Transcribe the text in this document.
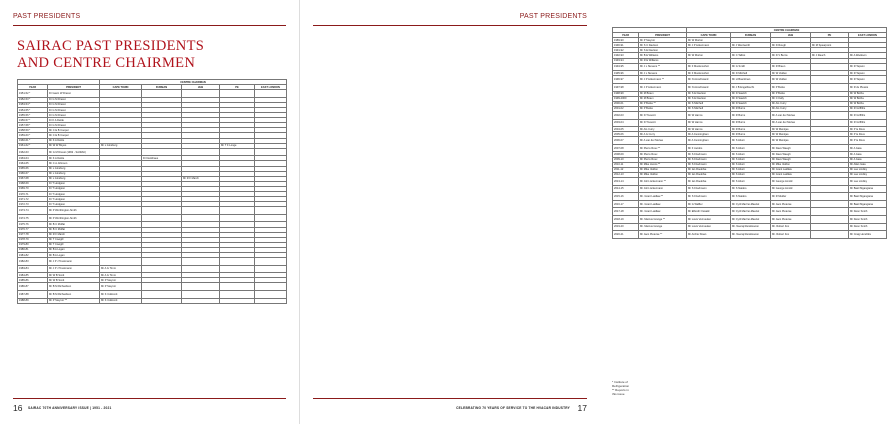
PAST PRESIDENTS
SAIRAC PAST PRESIDENTS
AND CENTRE CHAIRMEN
		CENTRE CHAIRMAN				
YEAR	PRESIDENT	CAPE TOWN	DURBAN	JHB	PE	EAST LONDON
1951-52 *	Dr Gavin W Dresst					
1952-53 *	Dr G M Dresst					
1953-54 *	Dr G M Dresst					
1954-55 *	Dr G M Dresst					
1955-56 *	Dr G M Dresst					
1956-57 *	Dr K A Dettle					
1957-58 *	Dr G M Dresst					
1958-59 *	Mr C E B Cooper					
1959-60 *	Mr C E B Cooper					
1960-61 *	Mr K A Dettle					
1961-62 *	Mr W W Boyes	Mr L Ginsburg			Mr T F Longe	
1962-63	Mr G M Dresst (1962 - SAIRAC)					
1963-64	Mr K A Dettle		Dr Denkhaus			
1964-65	Mr C A Johnson					
1965-66	Mr L Ginsburg					
1966-67	Mr L Ginsburg					
1967-68	Mr L Ginsburg			Mr R F March		
1968-69	Dr T Hodgson					
1969-70	Dr T Hodgson					
1970-71	Dr T Hodgson					
1971-72	Dr T Hodgson					
1972-73	Dr T Hodgson					
1973-74	Mr P Worthington-Smith					
1974-75	Mr P Worthington-Smith					
1975-76	Mr B C Moffat					
1976-77	Mr B C Moffat					
1977-78	Mr R F Marsh					
1978-79	Mr T Cowgill					
1979-80	Mr T Cowgill					
1980-81	Mr B A Logan					
1981-82	Mr B A Logan					
1982-83	Mr J P J Toustmann					
1983-84	Mr J P J Toustmann	Mr A G Timm				
1984-85	Mr W B Scott	Mr A G Timm				
1985-86	Mr W B Scott	Mr P Steynor				
1986-87	Mr B M Richardson	Mr P Steynor				
1987-88	Mr B M Richardson	Mr K Collocott				
1988-89	Mr P Steynor **	Mr K Collocott				
16 SAIRAC 70TH ANNIVERSARY ISSUE | 1951 - 2021
PAST PRESIDENTS
		CENTRE CHAIRMAN				
YEAR	PRESIDENT	CAPE TOWN	DURBAN	JHB	PE	EAST LONDON
1989-90	Mr P Steynor	Mr W Morton				
1990-91	Mr S C Davison	Mr J P Ackermann	Mr J Wentworth	Mr D Rough	Mr M Spearpoint	
1991-92	Mr S E Davison					
1992-93	Mr B E Williams	Mr W Morton	Mr C Talbot	Mr D V Burns	Mr J Rauch	Mr A Wackson
1993-94	Mr R E Williams					
1994-95	Mr J L Stevens **	Mr F Moolenschot	Mr G Smith	Mr R Braun		Mr R Tapson
1995-96	Mr J L Stevens	Mr F Moolenschot	Mr D Mitchell	Mr W Velden		Mr R Tapson
1996-97	Mr J P Ackermann **	Mr N Amschwand	Mr H Boardman	Mr W Velden		Mr R Tapson
1997-98	Mr J P Ackermann	Mr N Amschwand	Mr J B Engelbrecht	Mr P Burke		Mr R du Plessis
1998-99	Mr M Braun	Mr S E Davison	Mr D Sawich	Mr P Burke		Mr W Botha
1999-2000	Mr M Braun	Mr S E Davison	Mr D Sawich	Mr C Kelly		Mr W Botha
2000-01	Mr P Burke **	Mr S Mitchell	Mr D Sawich	Mr AG Curry		Mr W Botha
2001-02	Mr P Burke	Mr S Mitchell	Mr R Burns	Mr AG Curry		Mr R Griffiths
2002-03	Mr D Truscott	Mr W Harms	Mr R Burns	Mr A van der Merwe		Mr R Griffiths
2003-04	Mr D Truscott	Mr W Harms	Mr R Burns	Mr A van der Merwe		Mr R Griffiths
2004-05	Mr AG Curry	Mr W Harms	Mr R Burns	Mr W Meintjes		Mr P le Roux
2005-06	Mr A G Curry	Mr A Cunningham	Mr R Burns	Mr W Meintjes		Mr P le Roux
2006-07	Mr A van der Merwe	Mr A Cunningham	Mr S Aburn	Mr W Meintjes		Mr P le Roux
2007-08	Mr Pierre Roux **	Mr F Jacobs	Mr S Aburn	Mr Dave Waugh		Mr A Gaia
2008-09	Mr Pierre Roux	Mr S Friedmann	Mr S Aburn	Mr Dave Waugh		Mr A Gaia
2009-10	Mr Pierre Roux	Mr S Friedmann	Mr S Aburn	Mr Dave Waugh		Mr A Gaia
2010-11	Mr Mike Hunns **	Mr S Friedmann	Mr S Aburn	Mr Mike Veldon		Mr Allan Gaia
2011-12	Mr Mike Veldon	Mr Ian Roelofse	Mr S Aburn	Mr Grant Laidlaw		Mr Lee Lindley
2012-13	Mr Mike Veldon	Mr Ian Roelofse	Mr S Aburn	Mr Grant Laidlaw		Mr Lee Lindley
2013-14	Mr John Ackermann **	Mr Ian Roelofse	Mr S Aburn	Mr George Amold		Mr Lee Lindley
2014-15	Mr John Ackermann	Mr S Friedmann	Mr S Naidoo	Mr George Amold		Mr Basil Mgangiana
2015-16	Mr. Grant Laidlaw **	Mr S Friedmann	Mr S Naidoo	Mr R Mulder		Mr Basil Mgangiana
2016-17	Mr. Grant Laidlaw	Mr G Waffler	Mr Cyril Mazzei-Mauriel	Mr Jaco Pieterse		Mr Basil Mgangiana
2017-18	Mr. Grant Laidlaw	Mr Elbreth Oswald	Mr Cyril Mazzei-Mauriel	Mr Jaco Pieterse		Mr Deon Smith
2018-19	Mr. Marcus Grange **	Mr Louis Vermeulen	Mr Cyril Mazzei-Mauriel	Mr Jaco Pieterse		Mr Deon Smith
2019-20	Mr. Marcus Grange	Mr Louis Vermeulen	Mr. Neeraj Ramkissoon	Mr. Robert Fox		Mr Deon Smith
2020-21	Mr Jaco Pieterse **	Mr Archie Sloan	Mr. Neeraj Ramkissoon	Mr. Robert Fox		Mr Craig Hendriks
* Institute of Refrigeration
** Reports in this issue
CELEBRATING 70 YEARS OF SERVICE TO THE HVAC&R INDUSTRY 17
